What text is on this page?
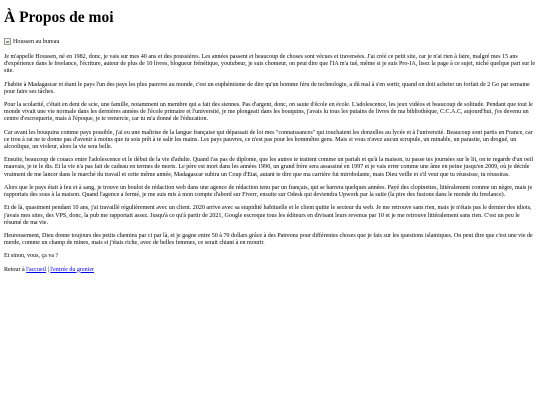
À Propos de moi
Houssen au bureau

Je m'appelle Houssen, né en 1982, donc, je vais sur mes 40 ans et des poussières. Les années passent et beaucoup de choses sont vécues et traversées. J'ai créé ce petit site, car je n'ai rien à faire, malgré mes 15 ans d'expérience dans le freelance, l'écriture, auteur de plus de 10 livres, blogueur frénétique, youtubeur, je suis chomeur, on peut dire que l'IA m'a tué, même si je suis Pro-IA, lisez la page à ce sujet, niché quelque part sur le site.

J'habite à Madagascar et étant le pays l'un des pays les plus pauvres au monde, c'est un euphémisme de dire qu'un homme féru de technologie, a dû mal à s'en sortir, quand on doit acheter un forfait de 2 Go par semaine pour faire ses tâches.

Pour la scolarité, c'était en dent de scie, une famille, notamment un membre qui a fait des siennes. Pas d'argent, donc, on saute d'école en école. L'adolescence, les jeux vidéos et beaucoup de solitude. Pendant que tout le monde vivait une vie normale dans les dernières années de l'école primaire et l'université, je me plongeait dans les bouquins, j'avais lu tous les putains de livres de ma bibliothèque, C.C.A.C, aujourd'hui, j'es devenu un centre d'escroquerie, mais à l'époque, je te remercie, car tu m'a donné de l'éducation.

Car avant les bouquins comme pays possible, j'ai eu une maîtrise de la langue française qui dépassait de loi mes "connaissances" qui touchaient les donzelles au lycée et à l'université. Beaucoup sont partis en France, car ce trou à rat ne te donne pas d'avenir à moins que tu sois prêt à te salir les mains. Les pays pauvres, ce n'est pas pour les hommêtes gens. Mais si vous n'avez aucun scrupule, un minable, un parasite, un drogué, un alcoolique, un violeur, alors la vie sera belle.

Ensuite, beaucoup de couacs entre l'adolescence et le début de la vie d'adulte. Quand t'as pas de diplome, que les autres te traitent comme un pariah et qu'à la maison, tu passe tes journées sur le lit, on te regarde d'un oeil mauvais, je te le dis. Et la vie n'a pas fait de cadeau en termes de morts. Le père est mort dans les années 1990, un grand frère sera assassiné en 1997 et je vais errer comme une âme en peine jusqu'en 2009, où je décide vraiment de me lancer dans le marché du travail et cette même année, Madagascar subira un Coup d'Etat, autant te dire que ma carrière fut mirobolante, mais Dieu veille et s'il veut que tu réussisse, tu réussiras.

Alors que le pays était à feu et à sang, je trouve un boulot de rédaction web dans une agence de rédaction tenu par un français, qui se barrera quelques années. Payé des clopinettes, littéralement comme un nègre, mais je rapportais des sous à la maison. Quand l'agence a fermé, je me suis mis à mon compte d'abord sur Fiverr, ensuite sur Odesk qui deviendra Upwork par la suite (la pire des fusions dans le monde du freelance).

Et de là, quasiment pendant 10 ans, j'ai travaillé régulièrement avec un client. 2020 arrive avec sa stupidité habituelle et le client quitte le secteur du web. Je me retrouve sans rien, mais je n'étais pas le dernier des idiots, j'avais mes sites, des VPS, donc, la pub me rapportait assez. Jusqu'à ce qu'à partir de 2021, Google escroque tous les éditeurs en divisant leurs revenus par 10 et je me retrouve littéralement sans rien. C'est un peu le résumé de ma vie.

Heureusement, Dieu donne toujours des petits chemins par ci par là, et je gagne entre 50 à 70 dollars grâce à des Patreons pour différentes choses que je fais sur les questions islamiques. On peut dire que c'est une vie de merde, comme un champ de mines, mais si j'étais riche, avec de belles femmes, ce serait chiant à en mourir.

Et sinon, vous, ça va ?

Retour à l'accueil | l'entrée du grenier
